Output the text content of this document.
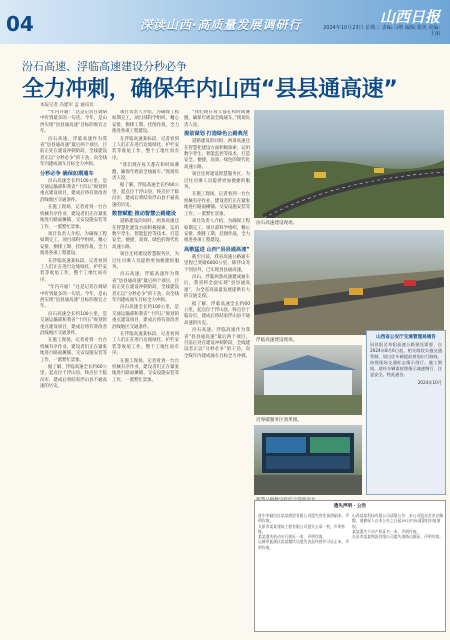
04	深读山西·高质量发展调研行	山西日报
2024年10月23日 星期三 责编:马继 编辑:葛英 美编:王丽
汾石高速、浮临高速建设分秒必争
全力冲刺，确保年内山西“县县通高速”
本报记者 冯建军 孟 通讯员

“年内开通！”这是记者在调研中听到最多的一句话。今年，是山西实现“县县通高速”目标的收官之年。

汾石高速、浮临高速作为我省“县县通高速”最后两个项目，目前正处在建设冲刺阶段，全线建设者正以“分秒必争”的干劲，向全线年内建成通车目标全力冲刺。

分秒必争 确保如期通车

汾石高速全长约100公里，是交通运输部和我省“十四五”规划的重点建设项目，建成后将有效改善沿线地区交通条件。

在施工现场，记者看到一台台机械有序作业，建设者们正在紧张地进行路面摊铺、交安设施安装等工作，一派繁忙景象。

项目负责人介绍，为确保工程如期完工，项目部科学组织、精心安排，倒排工期、挂图作战，全力推进各项工程建设。

在浮临高速某标段，记者看到工人们正在进行边坡绿化、护栏安装等收尾工作，整个工地忙而有序。

“年内开通！”这是记者在调研中听到最多的一句话。今年，是山西实现“县县通高速”目标的收官之年。

汾石高速全长约100公里，是交通运输部和我省“十四五”规划的重点建设项目，建成后将有效改善沿线地区交通条件。

在施工现场，记者看到一台台机械有序作业，建设者们正在紧张地进行路面摊铺、交安设施安装等工作，一派繁忙景象。

据了解，浮临高速全长约60公里，起点位于浮山县，终点位于临汾市，建成后将结束浮山县不通高速的历史。

项目负责人介绍，为确保工程如期完工，项目部科学组织、精心安排，倒排工期、挂图作战，全力推进各项工程建设。

在浮临高速某标段，记者看到工人们正在进行边坡绿化、护栏安装等收尾工作，整个工地忙而有序。

“我们现在每天都在和时间赛跑，确保年底前全线通车。”现场负责人说。

据了解，浮临高速全长约60公里，起点位于浮山县，终点位于临汾市，建成后将结束浮山县不通高速的历史。

数智赋能 推动智慧公路建设

道路建设的同时，两条高速还在智慧化建设方面积极探索，运用数字孪生、智能监控等技术，打造安全、便捷、高效、绿色的现代化高速公路。

项目还将建设智慧服务区，为过往司乘人员提供更加便捷的服务。

汾石高速、浮临高速作为我省“县县通高速”最后两个项目，目前正处在建设冲刺阶段，全线建设者正以“分秒必争”的干劲，向全线年内建成通车目标全力冲刺。

汾石高速全长约100公里，是交通运输部和我省“十四五”规划的重点建设项目，建成后将有效改善沿线地区交通条件。

在浮临高速某标段，记者看到工人们正在进行边坡绿化、护栏安装等收尾工作，整个工地忙而有序。

在施工现场，记者看到一台台机械有序作业，建设者们正在紧张地进行路面摊铺、交安设施安装等工作，一派繁忙景象。

“我们现在每天都在和时间赛跑，确保年底前全线通车。”现场负责人说。

提前谋划 打造绿色公路典范

道路建设的同时，两条高速还在智慧化建设方面积极探索，运用数字孪生、智能监控等技术，打造安全、便捷、高效、绿色的现代化高速公路。

项目还将建设智慧服务区，为过往司乘人员提供更加便捷的服务。

在施工现场，记者看到一台台机械有序作业，建设者们正在紧张地进行路面摊铺、交安设施安装等工作，一派繁忙景象。

项目负责人介绍，为确保工程如期完工，项目部科学组织、精心安排，倒排工期、挂图作战，全力推进各项工程建设。

高歌猛进 山西“县县通高速”

截至目前，我省高速公路通车里程已突破6000公里，除浮山等个别县外，已实现县县通高速。

汾石、浮临两条高速建成通车后，我省将全面实现“县县通高速”，为全省高质量发展提供有力的交通支撑。

据了解，浮临高速全长约60公里，起点位于浮山县，终点位于临汾市，建成后将结束浮山县不通高速的历史。

汾石高速、浮临高速作为我省“县县通高速”最后两个项目，目前正处在建设冲刺阶段，全线建设者正以“分秒必争”的干劲，向全线年内建成通车目标全力冲刺。

汾石高速建设现场。
浮临高速建设现场。
近零碳服务区效果图。
山西省公安厅交通管理局通告
因昔阳至寿阳高速公路建设需要，自2024年8月6日起，相关路段实施交通管制，请过往车辆提前规划出行路线，按照现场交通标志指示绕行。施工期间，途经车辆需按照指示减速慢行，注意安全。特此通告。
2024年10月
遗失声明 · 公告

晋中市榆次区某某商贸有限公司遗失营业执照副本，声明作废。

太原市某某建筑工程有限公司遗失公章一枚，声明作废。

某某遗失机动车行驶证一本，声明作废。

运城市盐湖区某某餐饮店遗失食品经营许可证正本，声明作废。

山西某某科技有限公司清算公告：本公司股东会决议解散，请债权人自本公告之日起45日内向清算组申报债权。

某某遗失不动产权证书一本，声明作废。

长治市某某物流有限公司遗失道路运输证，声明作废。
